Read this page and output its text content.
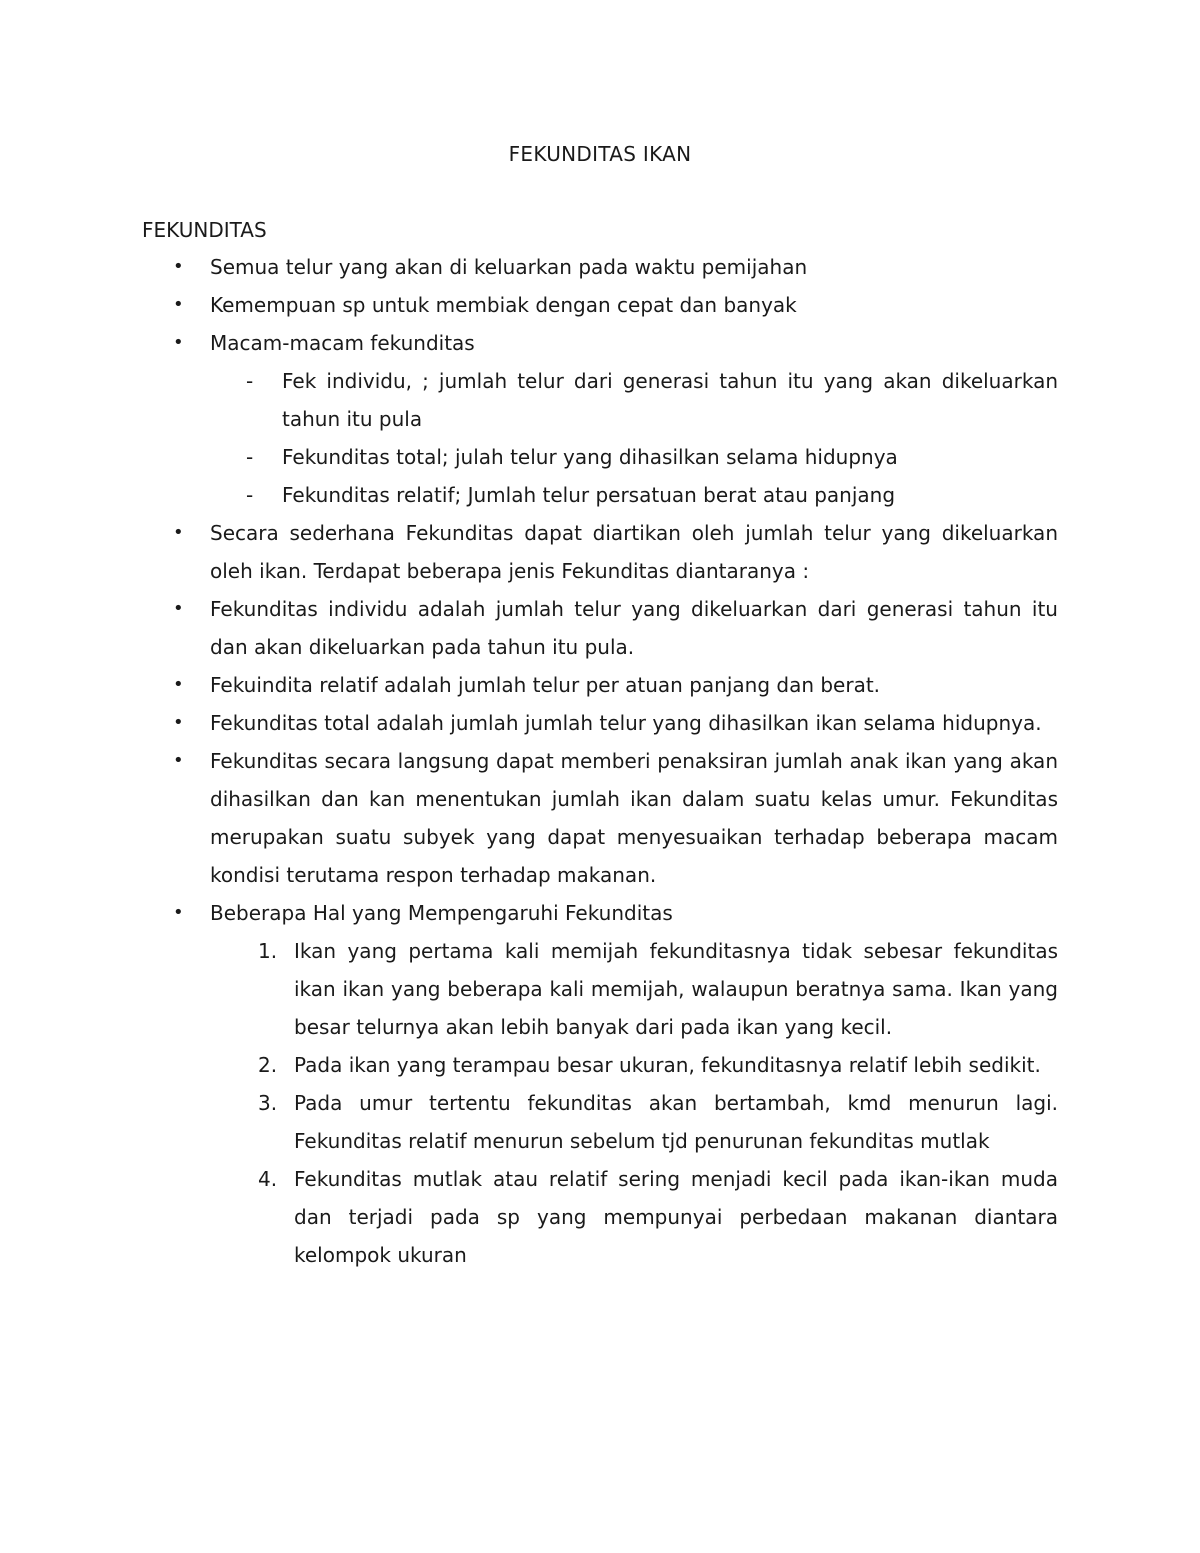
FEKUNDITAS IKAN
FEKUNDITAS
• Semua telur yang akan di keluarkan pada waktu pemijahan
• Kemempuan sp untuk membiak dengan cepat dan banyak
• Macam-macam fekunditas
- Fek individu, ; jumlah telur dari generasi tahun itu yang akan dikeluarkan tahun itu pula
- Fekunditas total; julah telur yang dihasilkan selama hidupnya
- Fekunditas relatif; Jumlah telur persatuan berat atau panjang
• Secara sederhana Fekunditas dapat diartikan oleh jumlah telur yang dikeluarkan oleh ikan. Terdapat beberapa jenis Fekunditas diantaranya :
• Fekunditas individu adalah jumlah telur yang dikeluarkan dari generasi tahun itu dan akan dikeluarkan pada tahun itu pula.
• Fekuindita relatif adalah jumlah telur per atuan panjang dan berat.
• Fekunditas total adalah jumlah jumlah telur yang dihasilkan ikan selama hidupnya.
• Fekunditas secara langsung dapat memberi penaksiran jumlah anak ikan yang akan dihasilkan dan kan menentukan jumlah ikan dalam suatu kelas umur. Fekunditas merupakan suatu subyek yang dapat menyesuaikan terhadap beberapa macam kondisi terutama respon terhadap makanan.
• Beberapa Hal yang Mempengaruhi Fekunditas
1. Ikan yang pertama kali memijah fekunditasnya tidak sebesar fekunditas ikan ikan yang beberapa kali memijah, walaupun beratnya sama. Ikan yang besar telurnya akan lebih banyak dari pada ikan yang kecil.
2. Pada ikan yang terampau besar ukuran, fekunditasnya relatif lebih sedikit.
3. Pada umur tertentu fekunditas akan bertambah, kmd menurun lagi. Fekunditas relatif menurun sebelum tjd penurunan fekunditas mutlak
4. Fekunditas mutlak atau relatif sering menjadi kecil pada ikan-ikan muda dan terjadi pada sp yang mempunyai perbedaan makanan diantara kelompok ukuran
